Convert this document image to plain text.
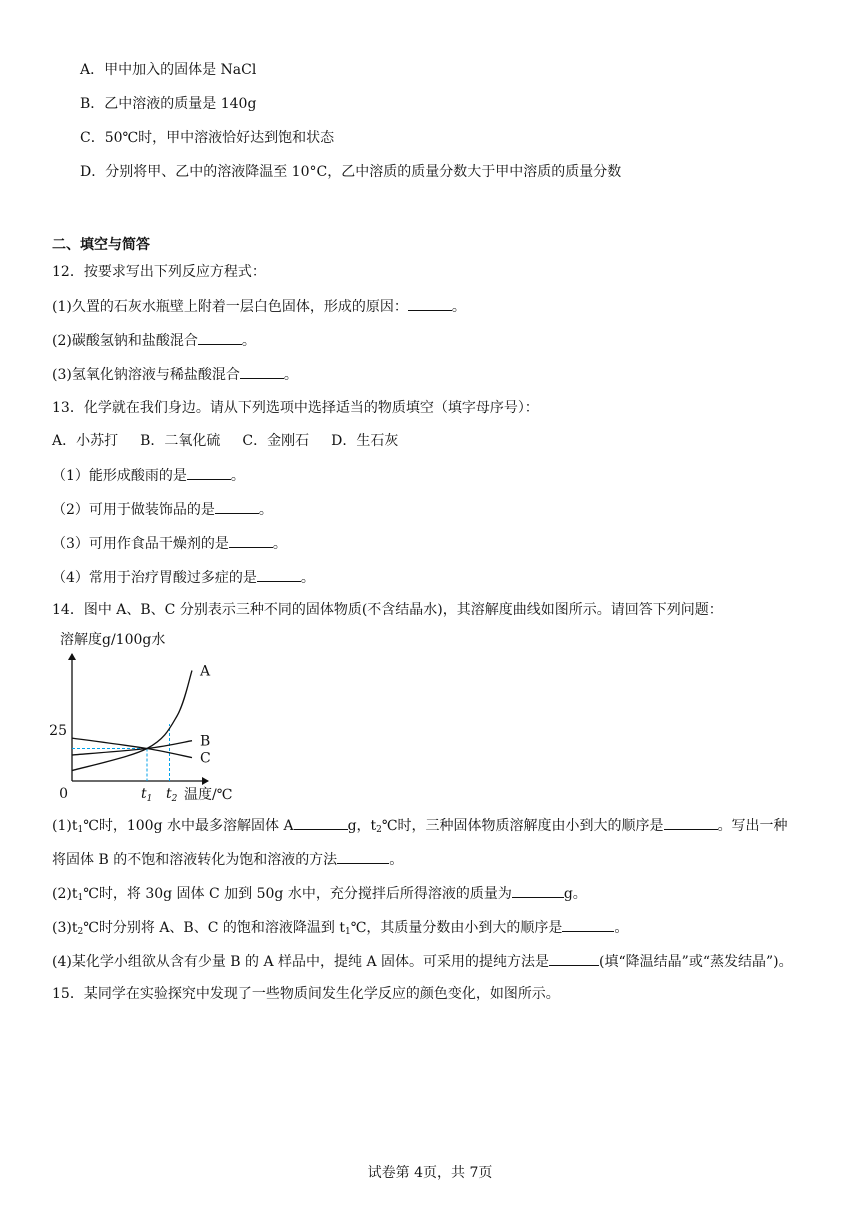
A．甲中加入的固体是 NaCl
B．乙中溶液的质量是 140g
C．50℃时，甲中溶液恰好达到饱和状态
D．分别将甲、乙中的溶液降温至 10°C，乙中溶质的质量分数大于甲中溶质的质量分数
二、填空与简答
12．按要求写出下列反应方程式：
(1)久置的石灰水瓶壁上附着一层白色固体，形成的原因：	。
(2)碳酸氢钠和盐酸混合	。
(3)氢氧化钠溶液与稀盐酸混合	。
13．化学就在我们身边。请从下列选项中选择适当的物质填空（填字母序号）：
A．小苏打 B．二氧化硫 C．金刚石 D．生石灰
（1）能形成酸雨的是	。
（2）可用于做装饰品的是	。
（3）可用作食品干燥剂的是	。
（4）常用于治疗胃酸过多症的是	。
14．图中 A、B、C 分别表示三种不同的固体物质(不含结晶水)，其溶解度曲线如图所示。请回答下列问题：
溶解度g/100g水
A
B
C
0
25
$t_1$ $t_2$ 温度/℃
$(1)t_1℃$时，100g 水中最多溶解固体 A	g，$t_2℃$时，三种固体物质溶解度由小到大的顺序是	。写出一种
将固体 B 的不饱和溶液转化为饱和溶液的方法	。
$(2)t_1℃$时，将 30g 固体 C 加到 50g 水中，充分搅拌后所得溶液的质量为	g。
$(3)t_2℃$时分别将 A、B、C 的饱和溶液降温到 $t_1℃$，其质量分数由小到大的顺序是	。
(4)某化学小组欲从含有少量 B 的 A 样品中，提纯 A 固体。可采用的提纯方法是	(填“降温结晶”或“蒸发结晶”)。
15．某同学在实验探究中发现了一些物质间发生化学反应的颜色变化，如图所示。
试卷第 4页，共 7页
